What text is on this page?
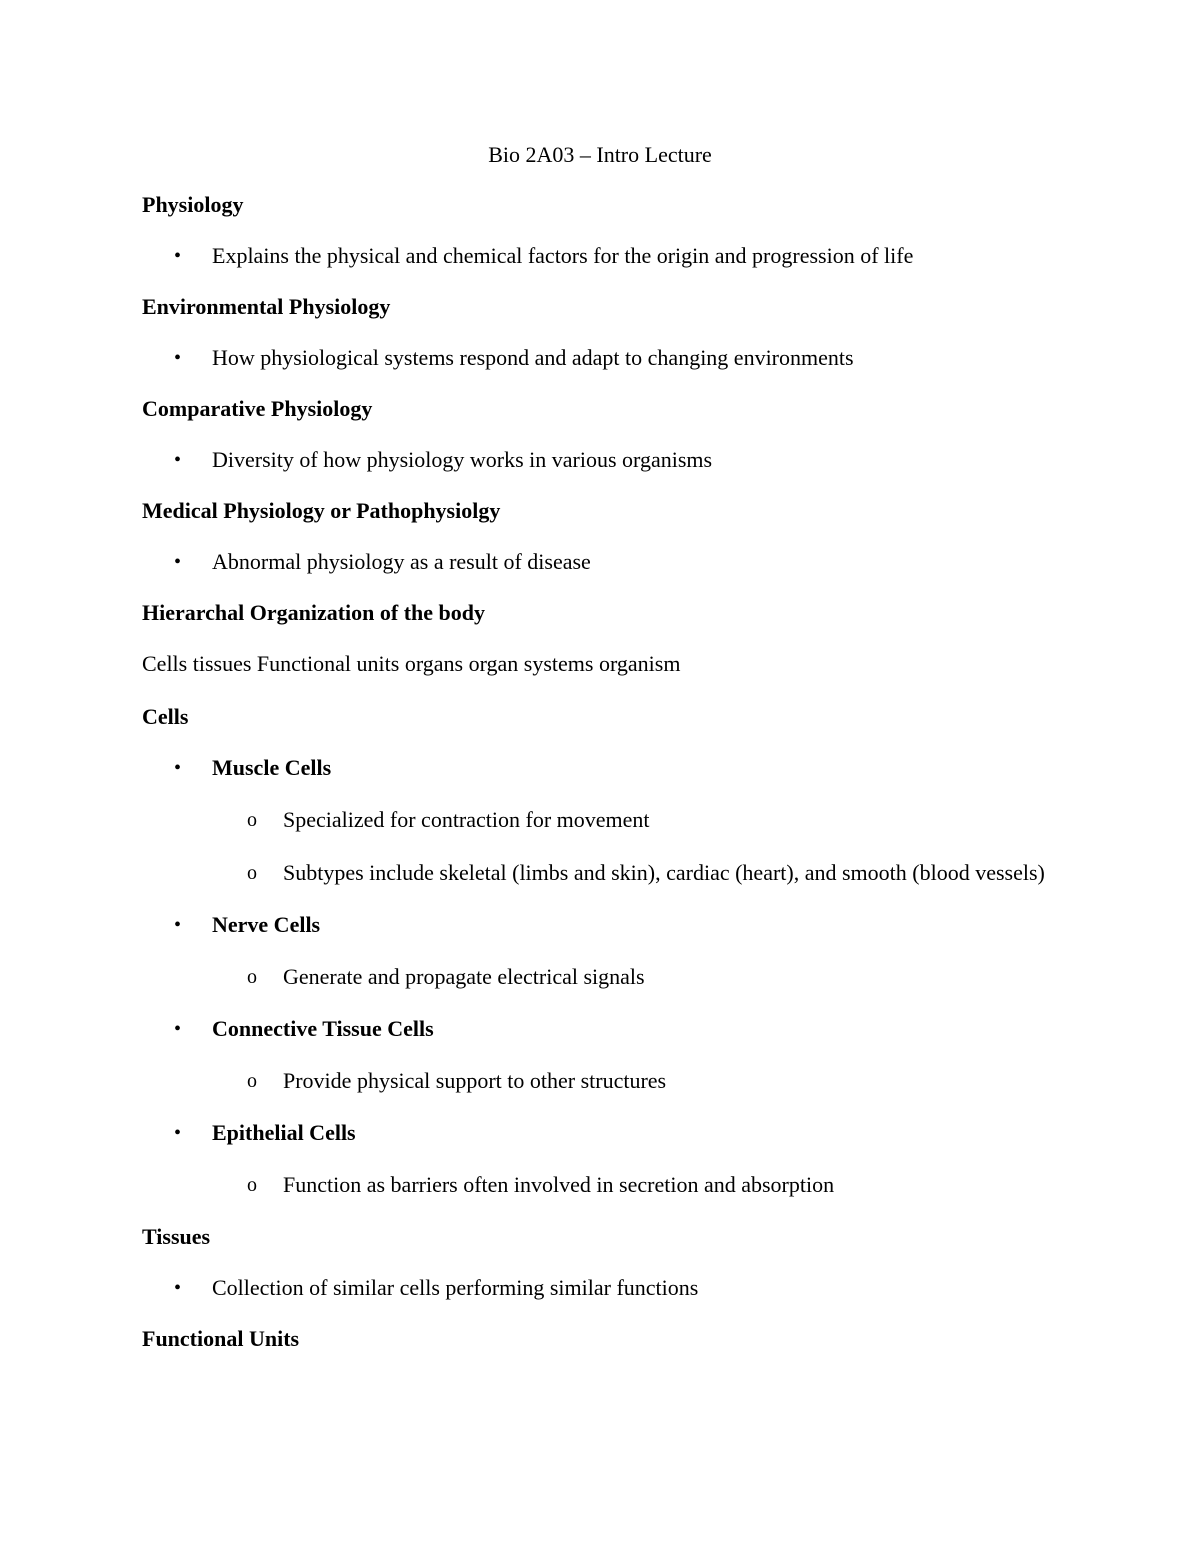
Bio 2A03 – Intro Lecture
Physiology
• Explains the physical and chemical factors for the origin and progression of life
Environmental Physiology
• How physiological systems respond and adapt to changing environments
Comparative Physiology
• Diversity of how physiology works in various organisms
Medical Physiology or Pathophysiolgy
• Abnormal physiology as a result of disease
Hierarchal Organization of the body
Cells tissues Functional units organs organ systems organism
Cells
• Muscle Cells
o Specialized for contraction for movement
o Subtypes include skeletal (limbs and skin), cardiac (heart), and smooth (blood vessels)
• Nerve Cells
o Generate and propagate electrical signals
• Connective Tissue Cells
o Provide physical support to other structures
• Epithelial Cells
o Function as barriers often involved in secretion and absorption
Tissues
• Collection of similar cells performing similar functions
Functional Units
